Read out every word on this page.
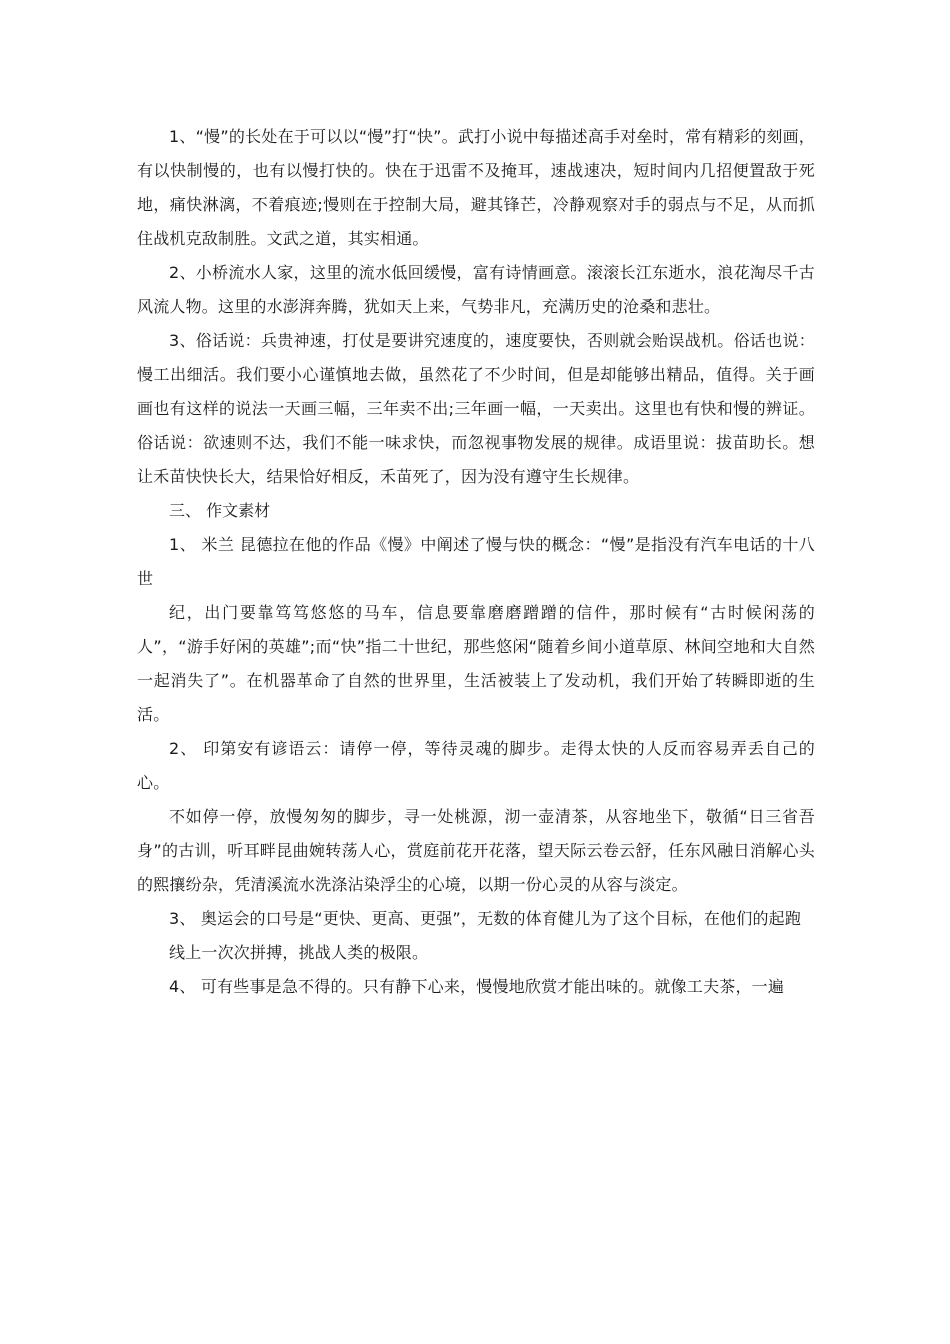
1、“慢”的长处在于可以以“慢”打“快”。武打小说中每描述高手对垒时，常有精彩的刻画，有以快制慢的，也有以慢打快的。快在于迅雷不及掩耳，速战速决，短时间内几招便置敌于死地，痛快淋漓，不着痕迹;慢则在于控制大局，避其锋芒，冷静观察对手的弱点与不足，从而抓住战机克敌制胜。文武之道，其实相通。

2、小桥流水人家，这里的流水低回缓慢，富有诗情画意。滚滚长江东逝水，浪花淘尽千古风流人物。这里的水澎湃奔腾，犹如天上来，气势非凡，充满历史的沧桑和悲壮。

3、俗话说：兵贵神速，打仗是要讲究速度的，速度要快，否则就会贻误战机。俗话也说：慢工出细活。我们要小心谨慎地去做，虽然花了不少时间，但是却能够出精品，值得。关于画画也有这样的说法一天画三幅，三年卖不出;三年画一幅，一天卖出。这里也有快和慢的辨证。俗话说：欲速则不达，我们不能一味求快，而忽视事物发展的规律。成语里说：拔苗助长。想让禾苗快快长大，结果恰好相反，禾苗死了，因为没有遵守生长规律。

三、 作文素材

1、 米兰 昆德拉在他的作品《慢》中阐述了慢与快的概念：“慢”是指没有汽车电话的十八世

纪，出门要靠笃笃悠悠的马车，信息要靠磨磨蹭蹭的信件，那时候有“古时候闲荡的人”，“游手好闲的英雄”;而“快”指二十世纪，那些悠闲“随着乡间小道草原、林间空地和大自然一起消失了”。在机器革命了自然的世界里，生活被装上了发动机，我们开始了转瞬即逝的生活。

2、 印第安有谚语云：请停一停，等待灵魂的脚步。走得太快的人反而容易弄丢自己的心。

不如停一停，放慢匆匆的脚步，寻一处桃源，沏一壶清茶，从容地坐下，敬循“日三省吾身”的古训，听耳畔昆曲婉转荡人心，赏庭前花开花落，望天际云卷云舒，任东风融日消解心头的熙攘纷杂，凭清溪流水洗涤沾染浮尘的心境，以期一份心灵的从容与淡定。

3、 奥运会的口号是“更快、更高、更强”，无数的体育健儿为了这个目标，在他们的起跑

线上一次次拼搏，挑战人类的极限。

4、 可有些事是急不得的。只有静下心来，慢慢地欣赏才能出味的。就像工夫茶，一遍
